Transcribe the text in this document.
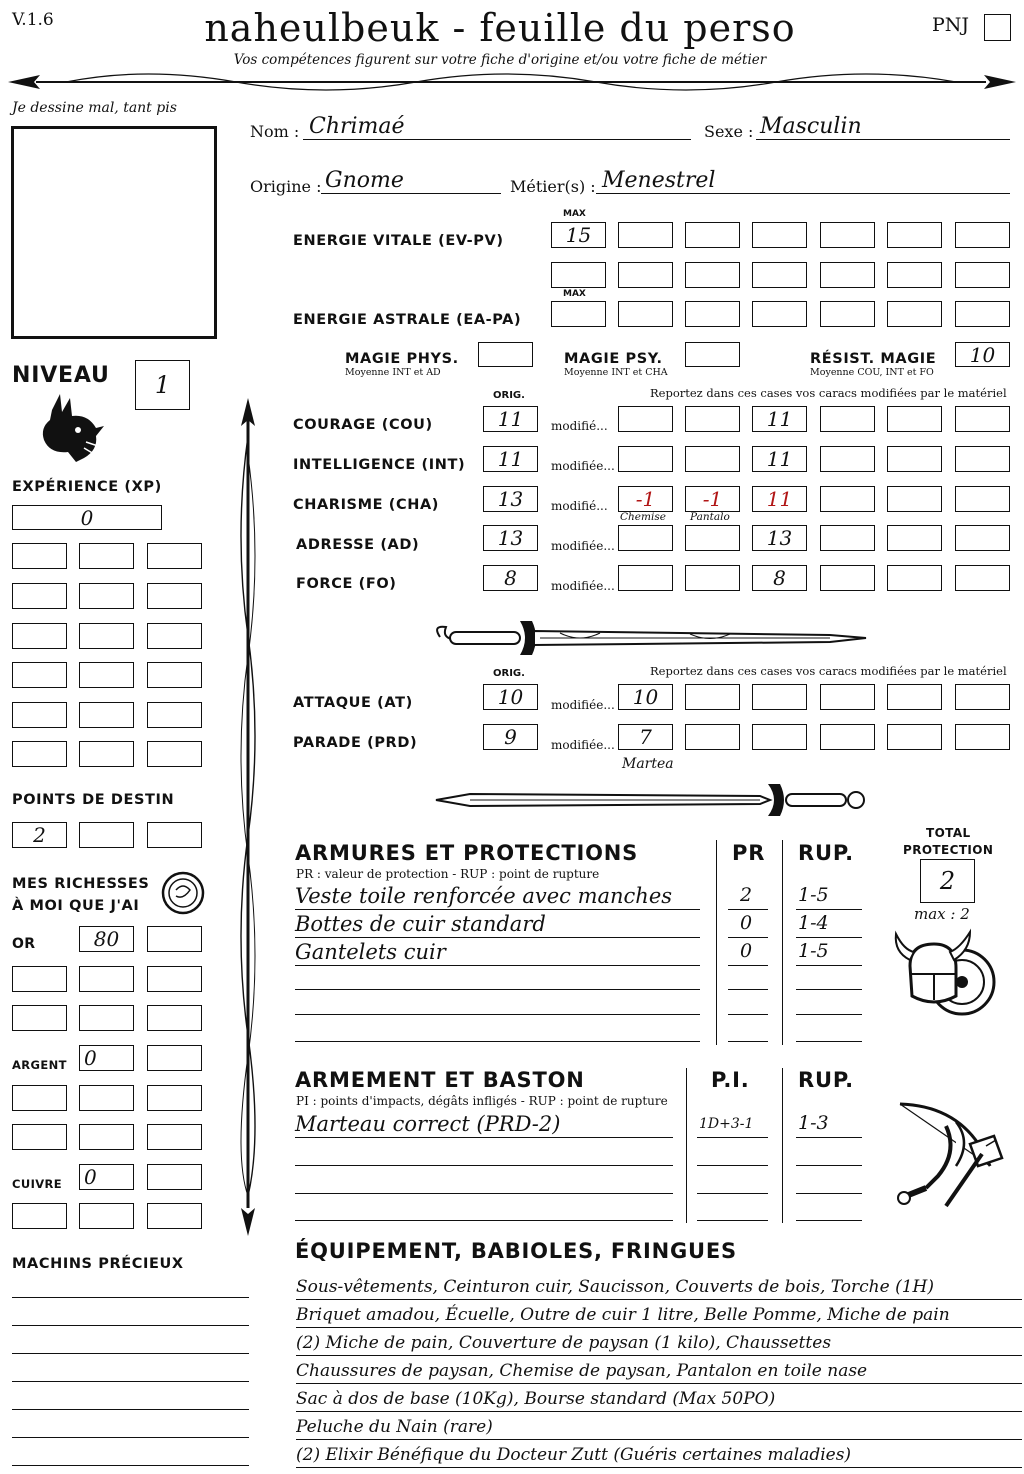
V.1.6	naheulbeuk - feuille du perso	PNJ
Vos compétences figurent sur votre fiche d'origine et/ou votre fiche de métier
Je dessine mal, tant pis
Nom : Chrimaé	Sexe : Masculin
Origine : Gnome	Métier(s) : Menestrel
MAX
ENERGIE VITALE (EV-PV)	15
MAX
ENERGIE ASTRALE (EA-PA)
MAGIE PHYS.
Moyenne INT et AD
MAGIE PSY.
Moyenne INT et CHA
RÉSIST. MAGIE
Moyenne COU, INT et FO
10
ORIG.	Reportez dans ces cases vos caracs modifiées par le matériel
COURAGE (COU)	11	modifié...	11
INTELLIGENCE (INT)	11	modifiée...	11
CHARISME (CHA)	13	modifié...	-1	-1	11
Chemise Pantalo
ADRESSE (AD)	13	modifiée...	13
FORCE (FO)	8	modifiée...	8
ORIG.	Reportez dans ces cases vos caracs modifiées par le matériel
ATTAQUE (AT)	10	modifiée... 10
PARADE (PRD)	9	modifiée...	7
Martea
NIVEAU	1
EXPÉRIENCE (XP)
0
POINTS DE DESTIN
2
MES RICHESSES
À MOI QUE J'AI
OR	80
ARGENT 0
CUIVRE 0
MACHINS PRÉCIEUX
ARMURES ET PROTECTIONS
PR : valeur de protection - RUP : point de rupture
PR RUP.
Veste toile renforcée avec manches	2 1-5
Bottes de cuir standard	0 1-4
Gantelets cuir	0 1-5
TOTAL
PROTECTION
2
max : 2
ARMEMENT ET BASTON
PI : points d'impacts, dégâts infligés - RUP : point de rupture
P.I. RUP.
Marteau correct (PRD-2)	1D+3-1 1-3
ÉQUIPEMENT, BABIOLES, FRINGUES
Sous-vêtements, Ceinturon cuir, Saucisson, Couverts de bois, Torche (1H)
Briquet amadou, Écuelle, Outre de cuir 1 litre, Belle Pomme, Miche de pain
(2) Miche de pain, Couverture de paysan (1 kilo), Chaussettes
Chaussures de paysan, Chemise de paysan, Pantalon en toile nase
Sac à dos de base (10Kg), Bourse standard (Max 50PO)
Peluche du Nain (rare)
(2) Elixir Bénéfique du Docteur Zutt (Guéris certaines maladies)
